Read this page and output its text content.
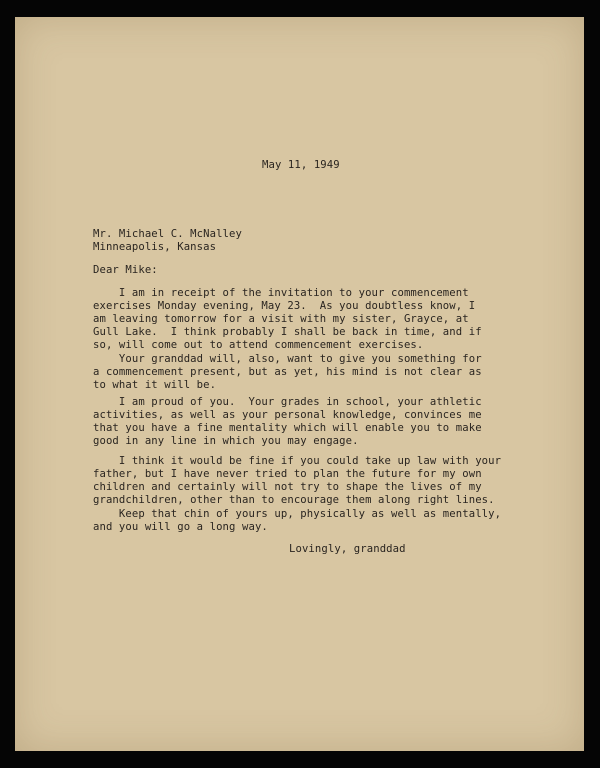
May 11, 1949
Mr. Michael C. McNalley
Minneapolis, Kansas
Dear Mike:
I am in receipt of the invitation to your commencement
exercises Monday evening, May 23.  As you doubtless know, I
am leaving tomorrow for a visit with my sister, Grayce, at
Gull Lake.  I think probably I shall be back in time, and if
so, will come out to attend commencement exercises.
Your granddad will, also, want to give you something for
a commencement present, but as yet, his mind is not clear as
to what it will be.
I am proud of you.  Your grades in school, your athletic
activities, as well as your personal knowledge, convinces me
that you have a fine mentality which will enable you to make
good in any line in which you may engage.
I think it would be fine if you could take up law with your
father, but I have never tried to plan the future for my own
children and certainly will not try to shape the lives of my
grandchildren, other than to encourage them along right lines.
Keep that chin of yours up, physically as well as mentally,
and you will go a long way.
Lovingly, granddad
